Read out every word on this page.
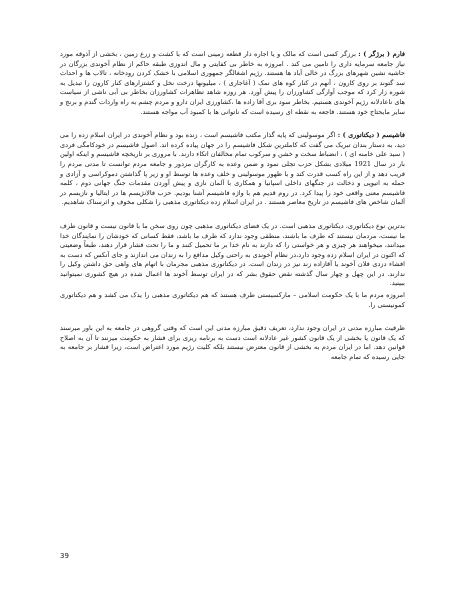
فارم ( برژگر ) : برزگر کسی است که مالک و یا اجاره دار قطعه زمینی است که با کشت و زرع زمین ، بخشی از آذوقه مورد نیاز جامعه سرمایه داری را تامین می کند . امروزه به خاطر بی کفایتی و مال اندوزی طبقه حاکم از نظام آخوندی بزرگان در حاشیه نشین شهرهای بزرگ در خالی آباد ها هستند. رژیم اشغالگر جمهوری اسلامی با خشک کردن رودخانه ، تالاب ها و احداث سد گتوند بر روی کارون ، آنهم در کنار کوه های نمک ( آغاجاری ) ، میلیونها درخت نخل و کشتزارهای کنار کارون را تبدیل به شوره زار کرد که موجب آوارگی کشاورزان را پیش آورد. هر روزه شاهد تظاهرات کشاورزان بخاطر بی آبی ناشی از سیاست های ناعادلانه رژیم آخوندی هستیم. بخاطر سود بری آقا زاده ها ،کشاورزی ایران دارو و مردم چشم به راه واردات گندم و برنج و سایر مایحتاج خود هستند. فاجعه به نقطه ای رسیده است که ناتوانی ها با کمبود آب مواجه هستند.

فاشیسم ( دیکتاتوری ) : اگر موسولینی که پایه گذار مکتب فاشیسم است ، زنده بود و نظام آخوندی در ایران اسلام زده را می دید، به دستار بندان تبریک می گفت که کاملترین شکل فاشیسم را در جهان پیاده کرده اند. اصول فاشیسم در خودکامگی فردی ( سید علی خامنه ای ) ، انضباط سخت و خشن و سرکوب تمام مخالفان اتکاء دارند. با مروری بر تاریخچه فاشیسم و اینکه اولین بار در سال 1921 میلادی بشکل حزب تجلی نمود و ضمن وعده به کارگران مزدور و جامعه مردم توانست تا مدتی مردم را فریب دهد و از این راه کسب قدرت کند و با ظهور موسولینی و خلف وعده ها توسط او و زیر پا گذاشتن دموکراسی و آزادی و حمله به اتیوپی و دخالت در جنگهای داخلی اسپانیا و همکاری با آلمان نازی و پیش آوردن مقدمات جنگ جهانی دوم ، کلمه فاشیسم معنی واقعی خود را پیدا کرد. در روم قدیم هم با واژه فاشیسم آشنا بودیم. حزب فالانژیسم ها در ایتالیا و نازیسم در آلمان شاخص های فاشیسم در تاریخ معاصر هستند . در ایران اسلام زده دیکتاتوری مذهبی را شکلی مخوف و اثرسناک شاهدیم.

بدترین نوع دیکتاتوری، دیکتاتوری مذهبی است. در یک فضای دیکتاتوری مذهبی چون روی سخن ما با قانون نیست و قانون طرف ما نیست، مردمان نیستند که طرف ما باشند، منطقی وجود ندارد که طرف ما باشد، فقط کسانی که خودشان را نمایندگان خدا میدانند، میخواهند هر چیزی و هر خواستی را که دارند به نام خدا بر ما تحمیل کنند و ما را تحت فشار قرار دهند، طبعاً وضعیتی که اکنون در ایران اسلام زده وجود دارد،در نظام آخوندی به راحتی وکیل مدافع را به زندان می اندازند و جای آنکس که دست به افشاء دزدی فلان آخوند یا آقازاده زند نیز در زندان است. در دیکتاتوری مذهبی مجرمان با اتهام های واهی حق داشتن وکیل را ندارند. در این چهل و چهار سال گذشته نقض حقوق بشر که در ایران توسط آخوند ها اعمال شده در هیچ کشوری نمیتوانید ببینید.

امروزه مردم ما با یک حکومت اسلامی – مارکسیستی طرف هستند که هم دیکتاتوری مذهبی را یدک می کشد و هم دیکتاتوری کمونیستی را.

ظرفیت مبارزه مدنی در ایران وجود ندارد، تعریف دقیق مبارزه مدنی این است که وقتی گروهی در جامعه به این باور میرسند که یک قانون یا بخشی از یک قانون کشور غیر عادلانه است دست به برنامه ریزی برای فشار به حکومت میزنند تا آن به اصلاح قوانین دهد. اما در ایران مردم به بخشی از قانون معترض نیستند بلکه کلیت رژیم مورد اعتراض است، زیرا فشار بر جامعه به جایی رسیده که تمام جامعه

39
